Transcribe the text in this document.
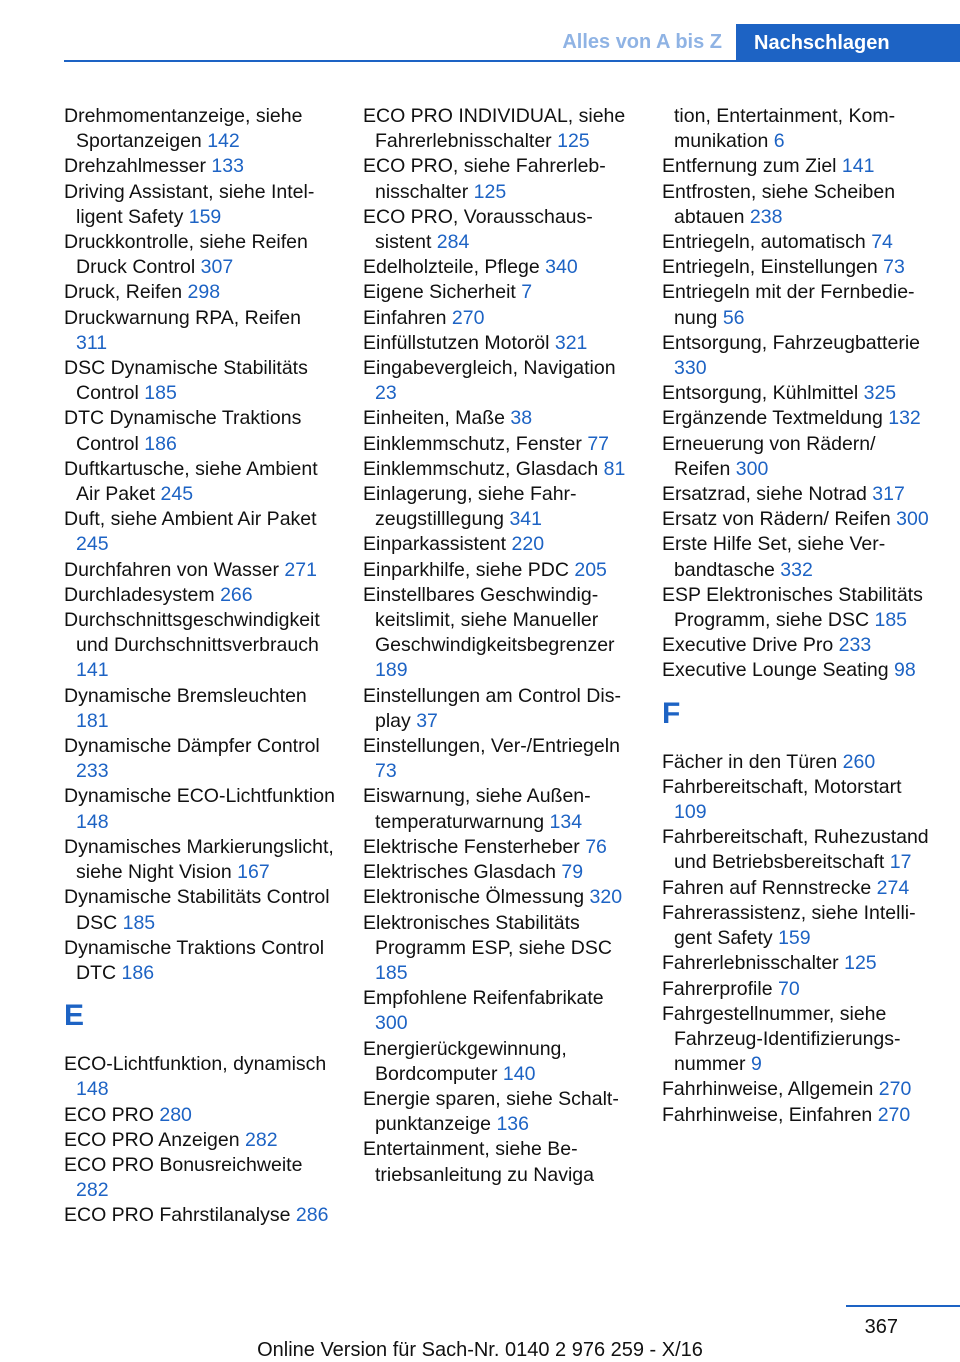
Alles von A bis Z	Nachschlagen
Drehmomentanzeige, siehe Sportanzeigen 142
Drehzahlmesser 133
Driving Assistant, siehe Intelligent Safety 159
Druckkontrolle, siehe Reifen Druck Control 307
Druck, Reifen 298
Druckwarnung RPA, Reifen 311
DSC Dynamische Stabilitäts Control 185
DTC Dynamische Traktions Control 186
Duftkartusche, siehe Ambient Air Paket 245
Duft, siehe Ambient Air Paket 245
Durchfahren von Wasser 271
Durchladesystem 266
Durchschnittsgeschwindigkeit und Durchschnittsverbrauch 141
Dynamische Bremsleuchten 181
Dynamische Dämpfer Control 233
Dynamische ECO-Lichtfunktion 148
Dynamisches Markierungslicht, siehe Night Vision 167
Dynamische Stabilitäts Control DSC 185
Dynamische Traktions Control DTC 186
E
ECO-Lichtfunktion, dynamisch 148
ECO PRO 280
ECO PRO Anzeigen 282
ECO PRO Bonusreichweite 282
ECO PRO Fahrstilanalyse 286
ECO PRO INDIVIDUAL, siehe Fahrerlebnisschalter 125
ECO PRO, siehe Fahrerlebnisschalter 125
ECO PRO, Vorausschaussistent 284
Edelholzteile, Pflege 340
Eigene Sicherheit 7
Einfahren 270
Einfüllstutzen Motoröl 321
Eingabevergleich, Navigation 23
Einheiten, Maße 38
Einklemmschutz, Fenster 77
Einklemmschutz, Glasdach 81
Einlagerung, siehe Fahrzeugstilllegung 341
Einparkassistent 220
Einparkhilfe, siehe PDC 205
Einstellbares Geschwindigkeitslimit, siehe Manueller Geschwindigkeitsbegrenzer 189
Einstellungen am Control Display 37
Einstellungen, Ver-/Entriegeln 73
Eiswarnung, siehe Außentemperaturwarnung 134
Elektrische Fensterheber 76
Elektrisches Glasdach 79
Elektronische Ölmessung 320
Elektronisches Stabilitäts Programm ESP, siehe DSC 185
Empfohlene Reifenfabrikate 300
Energierückgewinnung, Bordcomputer 140
Energie sparen, siehe Schaltpunktanzeige 136
Entertainment, siehe Betriebsanleitung zu Naviga
tion, Entertainment, Kommunikation 6
Entfernung zum Ziel 141
Entfrosten, siehe Scheiben abtauen 238
Entriegeln, automatisch 74
Entriegeln, Einstellungen 73
Entriegeln mit der Fernbedienung 56
Entsorgung, Fahrzeugbatterie 330
Entsorgung, Kühlmittel 325
Ergänzende Textmeldung 132
Erneuerung von Rädern/ Reifen 300
Ersatzrad, siehe Notrad 317
Ersatz von Rädern/ Reifen 300
Erste Hilfe Set, siehe Verbandtasche 332
ESP Elektronisches Stabilitäts Programm, siehe DSC 185
Executive Drive Pro 233
Executive Lounge Seating 98
F
Fächer in den Türen 260
Fahrbereitschaft, Motorstart 109
Fahrbereitschaft, Ruhezustand und Betriebsbereitschaft 17
Fahren auf Rennstrecke 274
Fahrerassistenz, siehe Intelligent Safety 159
Fahrerlebnisschalter 125
Fahrerprofile 70
Fahrgestellnummer, siehe Fahrzeug-Identifizierungsnummer 9
Fahrhinweise, Allgemein 270
Fahrhinweise, Einfahren 270
367
Online Version für Sach-Nr. 0140 2 976 259 - X/16
